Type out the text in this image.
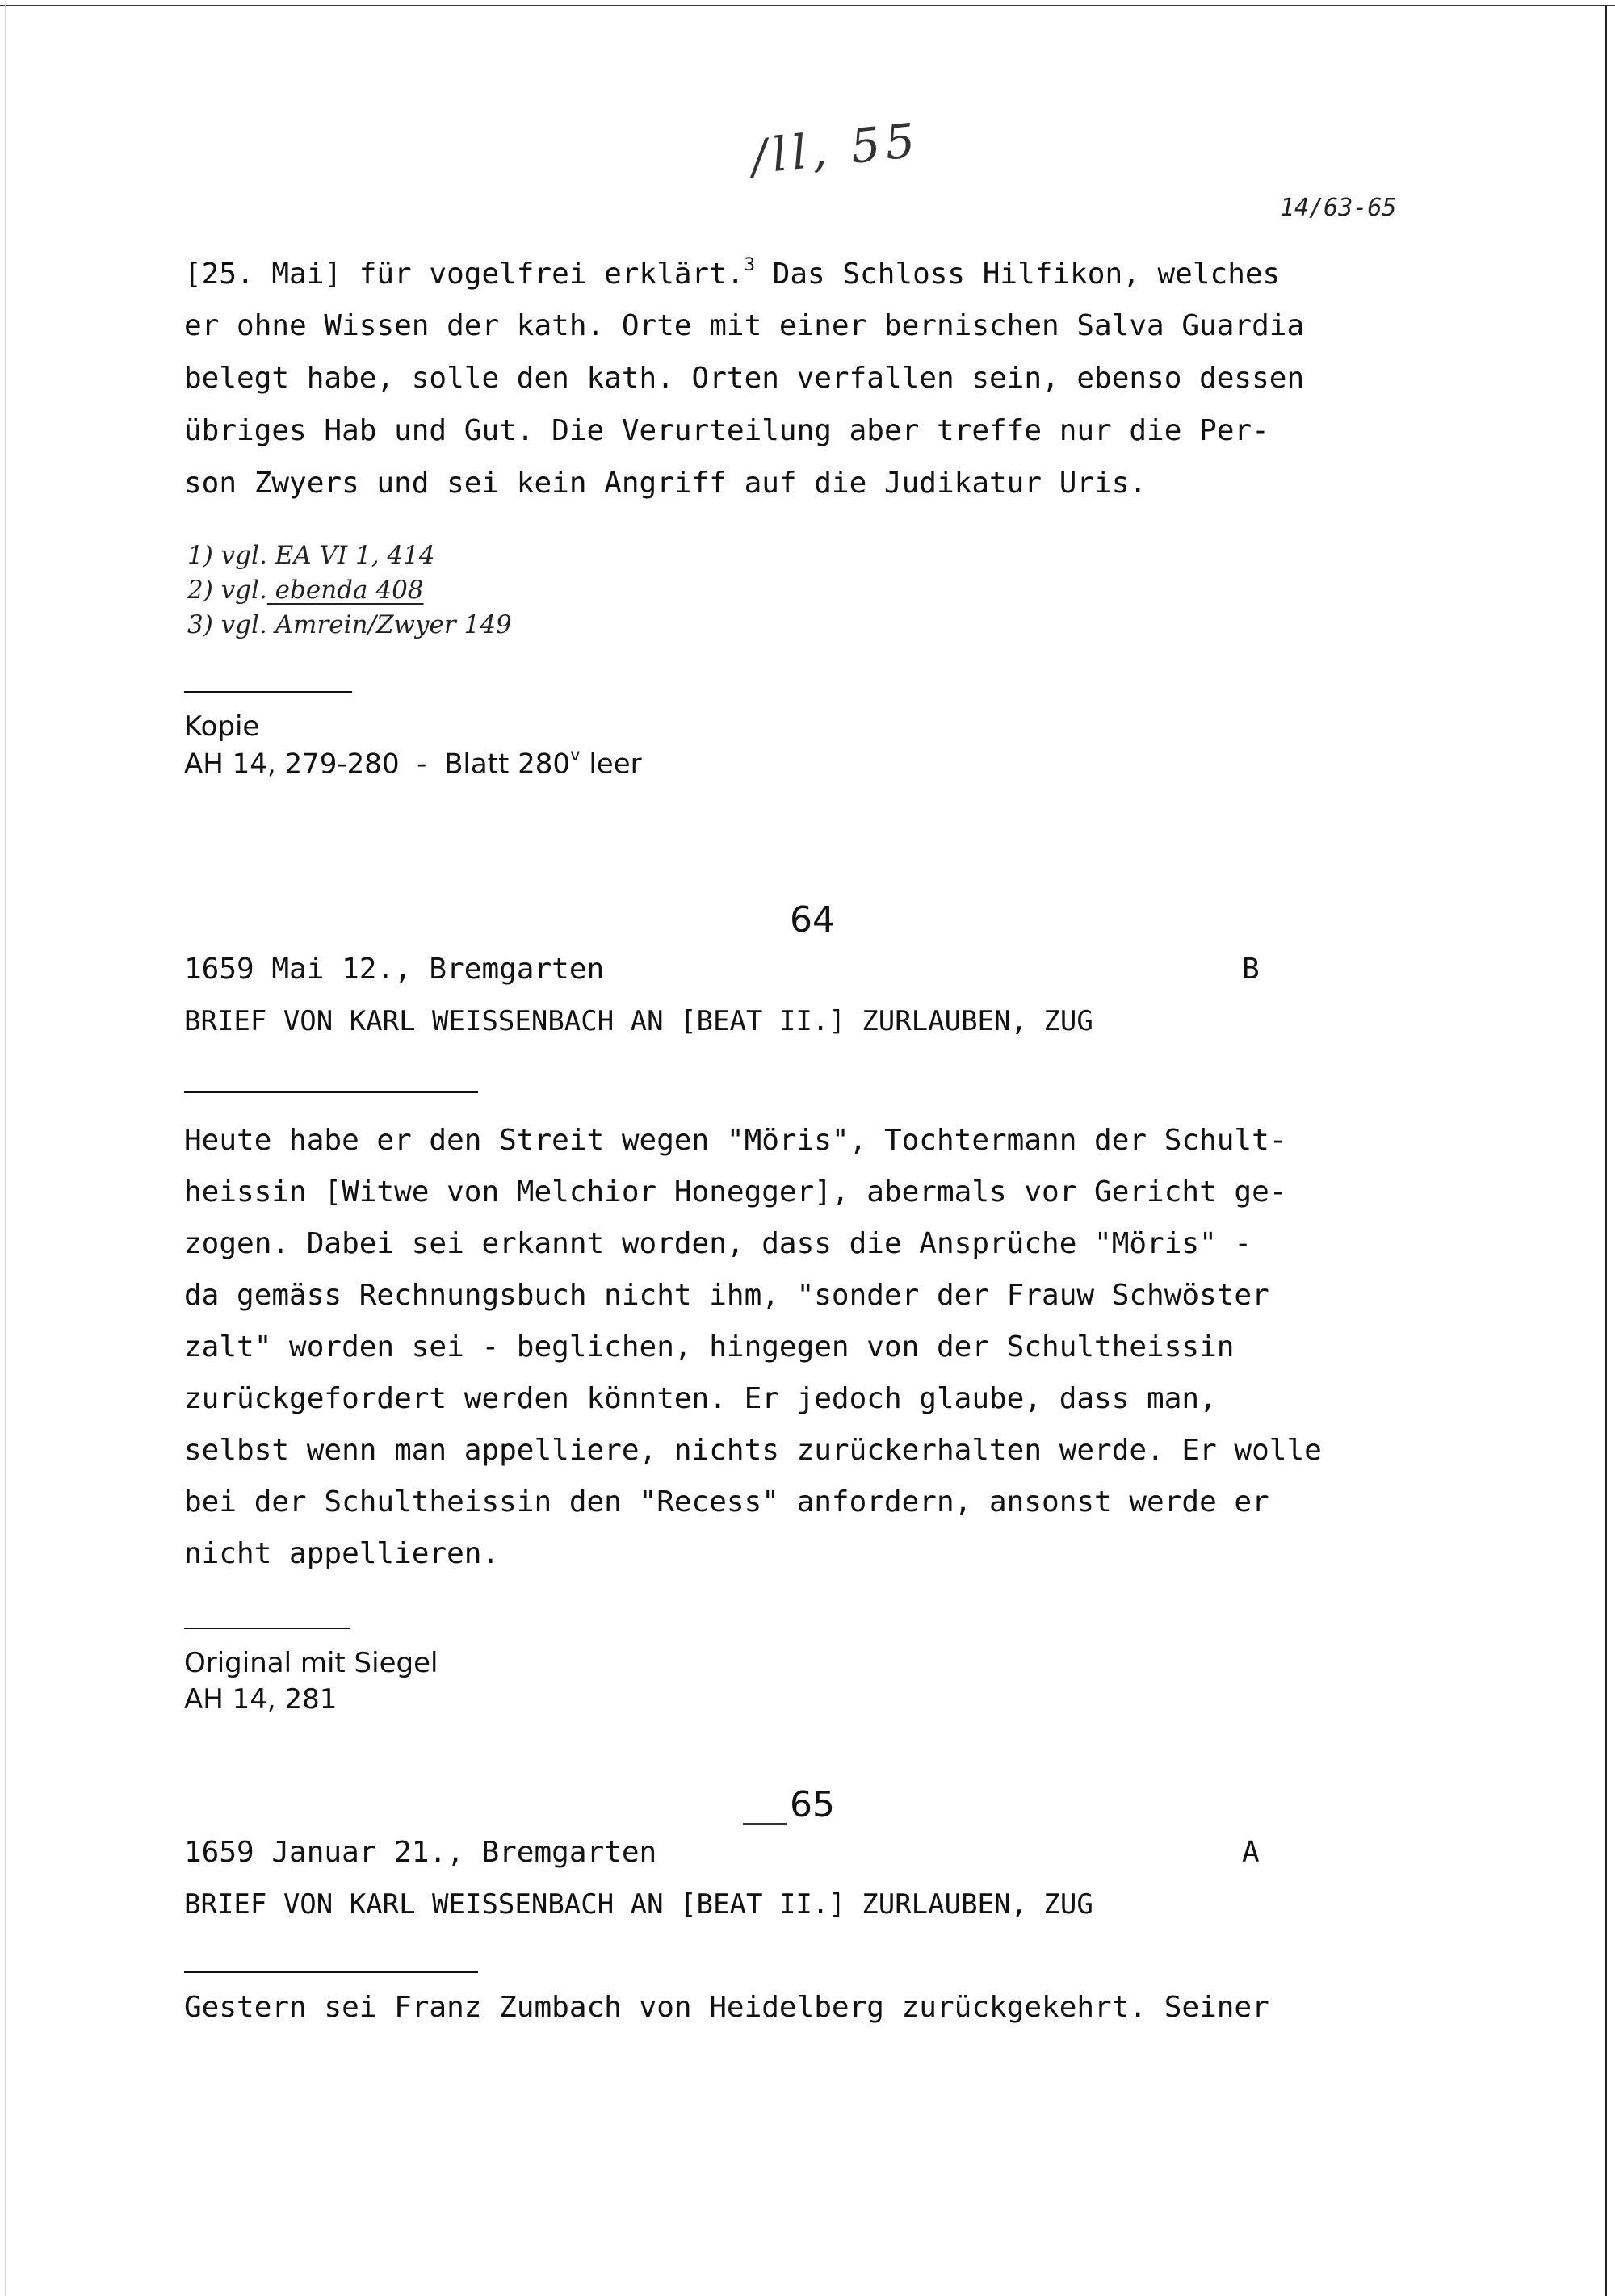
/ll, 55
14/63-65
[25. Mai] für vogelfrei erklärt.$^3$ Das Schloss Hilfikon, welches
er ohne Wissen der kath. Orte mit einer bernischen Salva Guardia
belegt habe, solle den kath. Orten verfallen sein, ebenso dessen
übriges Hab und Gut. Die Verurteilung aber treffe nur die Per-
son Zwyers und sei kein Angriff auf die Judikatur Uris.
1) vgl. EA VI 1, 414
2) vgl. ebenda 408
3) vgl. Amrein/Zwyer 149
Kopie
AH 14, 279-280  -  Blatt 280$^v$ leer
64
1659 Mai 12., Bremgarten	B
BRIEF VON KARL WEISSENBACH AN [BEAT II.] ZURLAUBEN, ZUG
Heute habe er den Streit wegen "Möris", Tochtermann der Schult-
heissin [Witwe von Melchior Honegger], abermals vor Gericht ge-
zogen. Dabei sei erkannt worden, dass die Ansprüche "Möris" -
da gemäss Rechnungsbuch nicht ihm, "sonder der Frauw Schwöster
zalt" worden sei - beglichen, hingegen von der Schultheissin
zurückgefordert werden könnten. Er jedoch glaube, dass man,
selbst wenn man appelliere, nichts zurückerhalten werde. Er wolle
bei der Schultheissin den "Recess" anfordern, ansonst werde er
nicht appellieren.
Original mit Siegel
AH 14, 281
65
1659 Januar 21., Bremgarten	A
BRIEF VON KARL WEISSENBACH AN [BEAT II.] ZURLAUBEN, ZUG
Gestern sei Franz Zumbach von Heidelberg zurückgekehrt. Seiner
